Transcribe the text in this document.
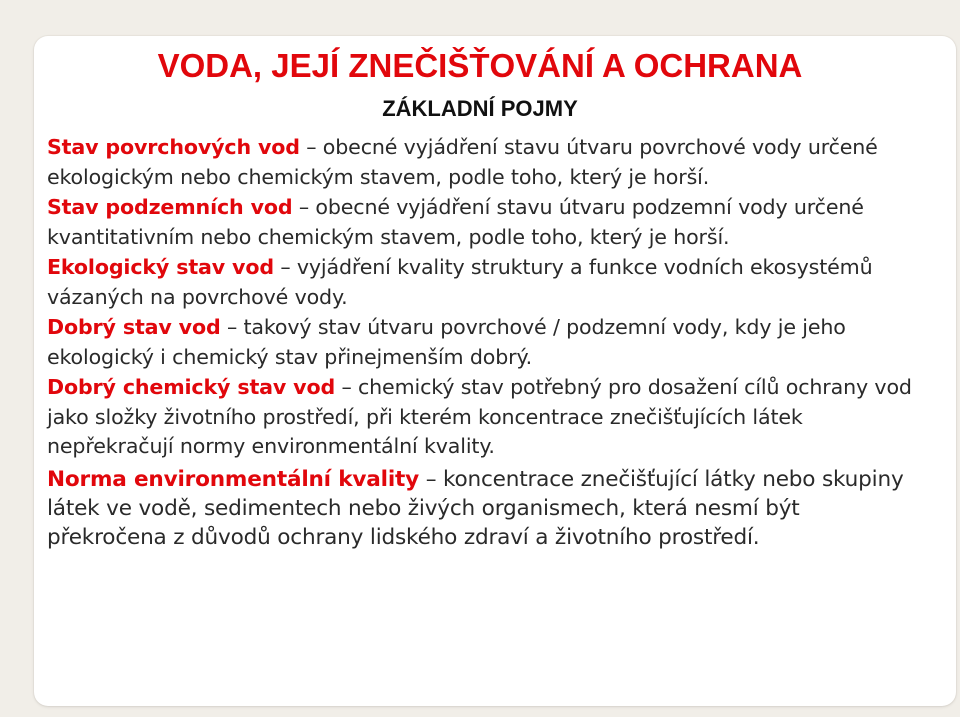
VODA, JEJÍ ZNEČIŠŤOVÁNÍ A OCHRANA
ZÁKLADNÍ POJMY
Stav povrchových vod – obecné vyjádření stavu útvaru povrchové vody určené ekologickým nebo chemickým stavem, podle toho, který je horší.
Stav podzemních vod – obecné vyjádření stavu útvaru podzemní vody určené kvantitativním nebo chemickým stavem, podle toho, který je horší.
Ekologický stav vod – vyjádření kvality struktury a funkce vodních ekosystémů vázaných na povrchové vody.
Dobrý stav vod – takový stav útvaru povrchové / podzemní vody, kdy je jeho ekologický i chemický stav přinejmenším dobrý.
Dobrý chemický stav vod – chemický stav potřebný pro dosažení cílů ochrany vod jako složky životního prostředí, při kterém koncentrace znečišťujících látek nepřekračují normy environmentální kvality.
Norma environmentální kvality – koncentrace znečišťující látky nebo skupiny látek ve vodě, sedimentech nebo živých organismech, která nesmí být překročena z důvodů ochrany lidského zdraví a životního prostředí.
